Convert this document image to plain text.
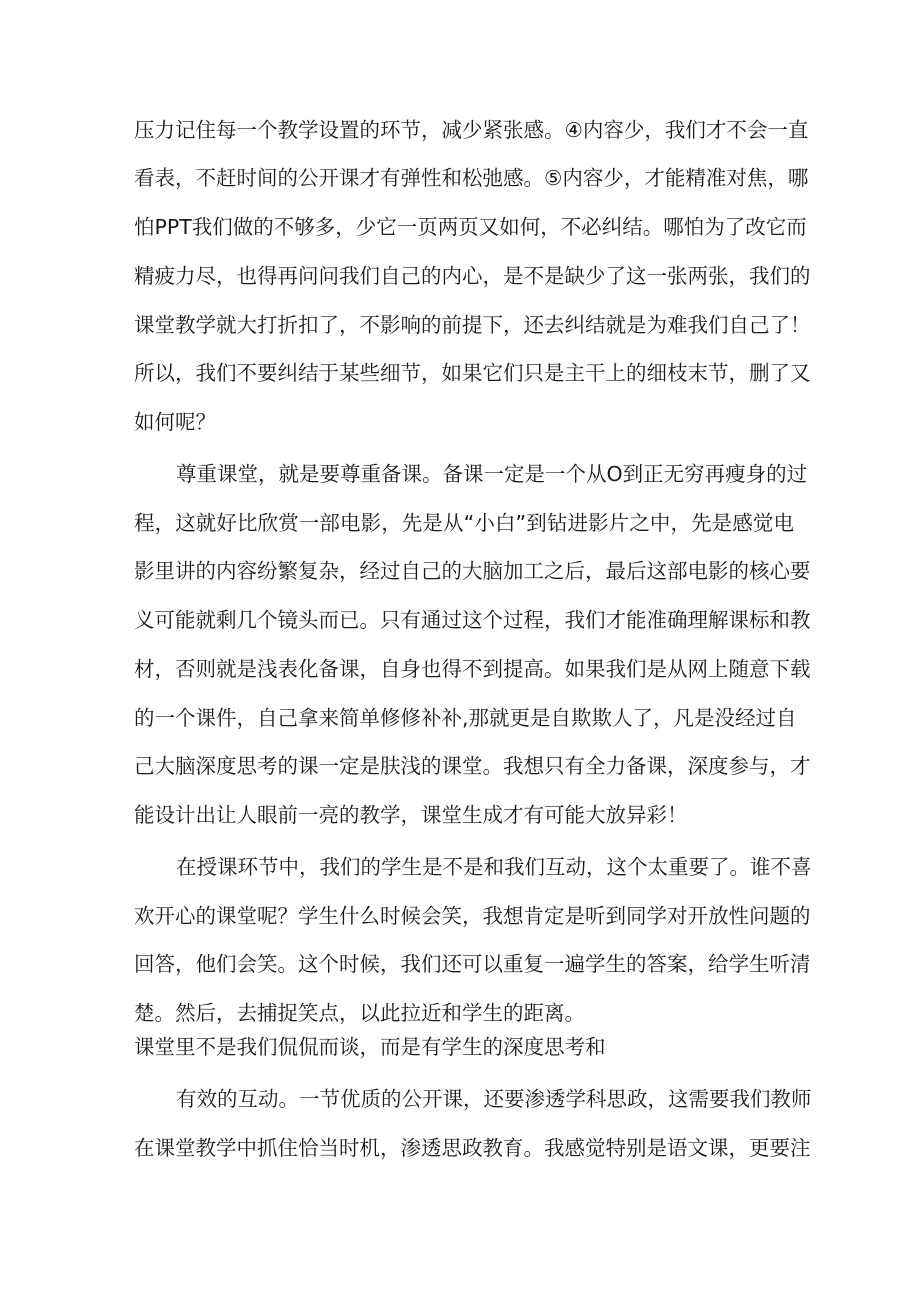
压力记住每一个教学设置的环节，减少紧张感。④内容少，我们才不会一直
看表，不赶时间的公开课才有弹性和松弛感。⑤内容少，才能精准对焦，哪
怕PPT我们做的不够多，少它一页两页又如何，不必纠结。哪怕为了改它而
精疲力尽，也得再问问我们自己的内心，是不是缺少了这一张两张，我们的
课堂教学就大打折扣了，不影响的前提下，还去纠结就是为难我们自己了！
所以，我们不要纠结于某些细节，如果它们只是主干上的细枝末节，删了又
如何呢？
尊重课堂，就是要尊重备课。备课一定是一个从O到正无穷再瘦身的过
程，这就好比欣赏一部电影，先是从“小白”到钻进影片之中，先是感觉电
影里讲的内容纷繁复杂，经过自己的大脑加工之后，最后这部电影的核心要
义可能就剩几个镜头而已。只有通过这个过程，我们才能准确理解课标和教
材，否则就是浅表化备课，自身也得不到提高。如果我们是从网上随意下载
的一个课件，自己拿来简单修修补补,那就更是自欺欺人了，凡是没经过自
己大脑深度思考的课一定是肤浅的课堂。我想只有全力备课，深度参与，才
能设计出让人眼前一亮的教学，课堂生成才有可能大放异彩！
在授课环节中，我们的学生是不是和我们互动，这个太重要了。谁不喜
欢开心的课堂呢？学生什么时候会笑，我想肯定是听到同学对开放性问题的
回答，他们会笑。这个时候，我们还可以重复一遍学生的答案，给学生听清
楚。然后，去捕捉笑点，以此拉近和学生的距离。
课堂里不是我们侃侃而谈，而是有学生的深度思考和
有效的互动。一节优质的公开课，还要渗透学科思政，这需要我们教师
在课堂教学中抓住恰当时机，渗透思政教育。我感觉特别是语文课，更要注
